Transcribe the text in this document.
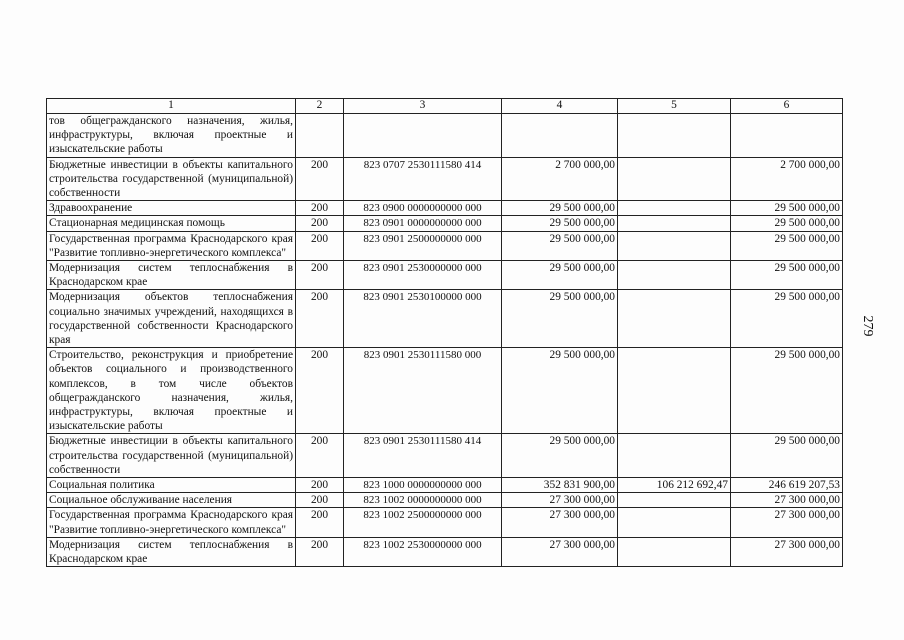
1	2	3	4	5	6
тов общегражданского назначения, жилья, инфраструктуры, включая проектные и изыскательские работы					
Бюджетные инвестиции в объекты капитального строительства государственной (муниципальной) собственности	200	823 0707 2530111580 414	2 700 000,00		2 700 000,00
Здравоохранение	200	823 0900 0000000000 000	29 500 000,00		29 500 000,00
Стационарная медицинская помощь	200	823 0901 0000000000 000	29 500 000,00		29 500 000,00
Государственная программа Краснодарского края "Развитие топливно-энергетического комплекса"	200	823 0901 2500000000 000	29 500 000,00		29 500 000,00
Модернизация систем теплоснабжения в Краснодарском крае	200	823 0901 2530000000 000	29 500 000,00		29 500 000,00
Модернизация объектов теплоснабжения социально значимых учреждений, находящихся в государственной собственности Краснодарского края	200	823 0901 2530100000 000	29 500 000,00		29 500 000,00
Строительство, реконструкция и приобретение объектов социального и производственного комплексов, в том числе объектов общегражданского назначения, жилья, инфраструктуры, включая проектные и изыскательские работы	200	823 0901 2530111580 000	29 500 000,00		29 500 000,00
Бюджетные инвестиции в объекты капитального строительства государственной (муниципальной) собственности	200	823 0901 2530111580 414	29 500 000,00		29 500 000,00
Социальная политика	200	823 1000 0000000000 000	352 831 900,00	106 212 692,47	246 619 207,53
Социальное обслуживание населения	200	823 1002 0000000000 000	27 300 000,00		27 300 000,00
Государственная программа Краснодарского края "Развитие топливно-энергетического комплекса"	200	823 1002 2500000000 000	27 300 000,00		27 300 000,00
Модернизация систем теплоснабжения в Краснодарском крае	200	823 1002 2530000000 000	27 300 000,00		27 300 000,00
279
